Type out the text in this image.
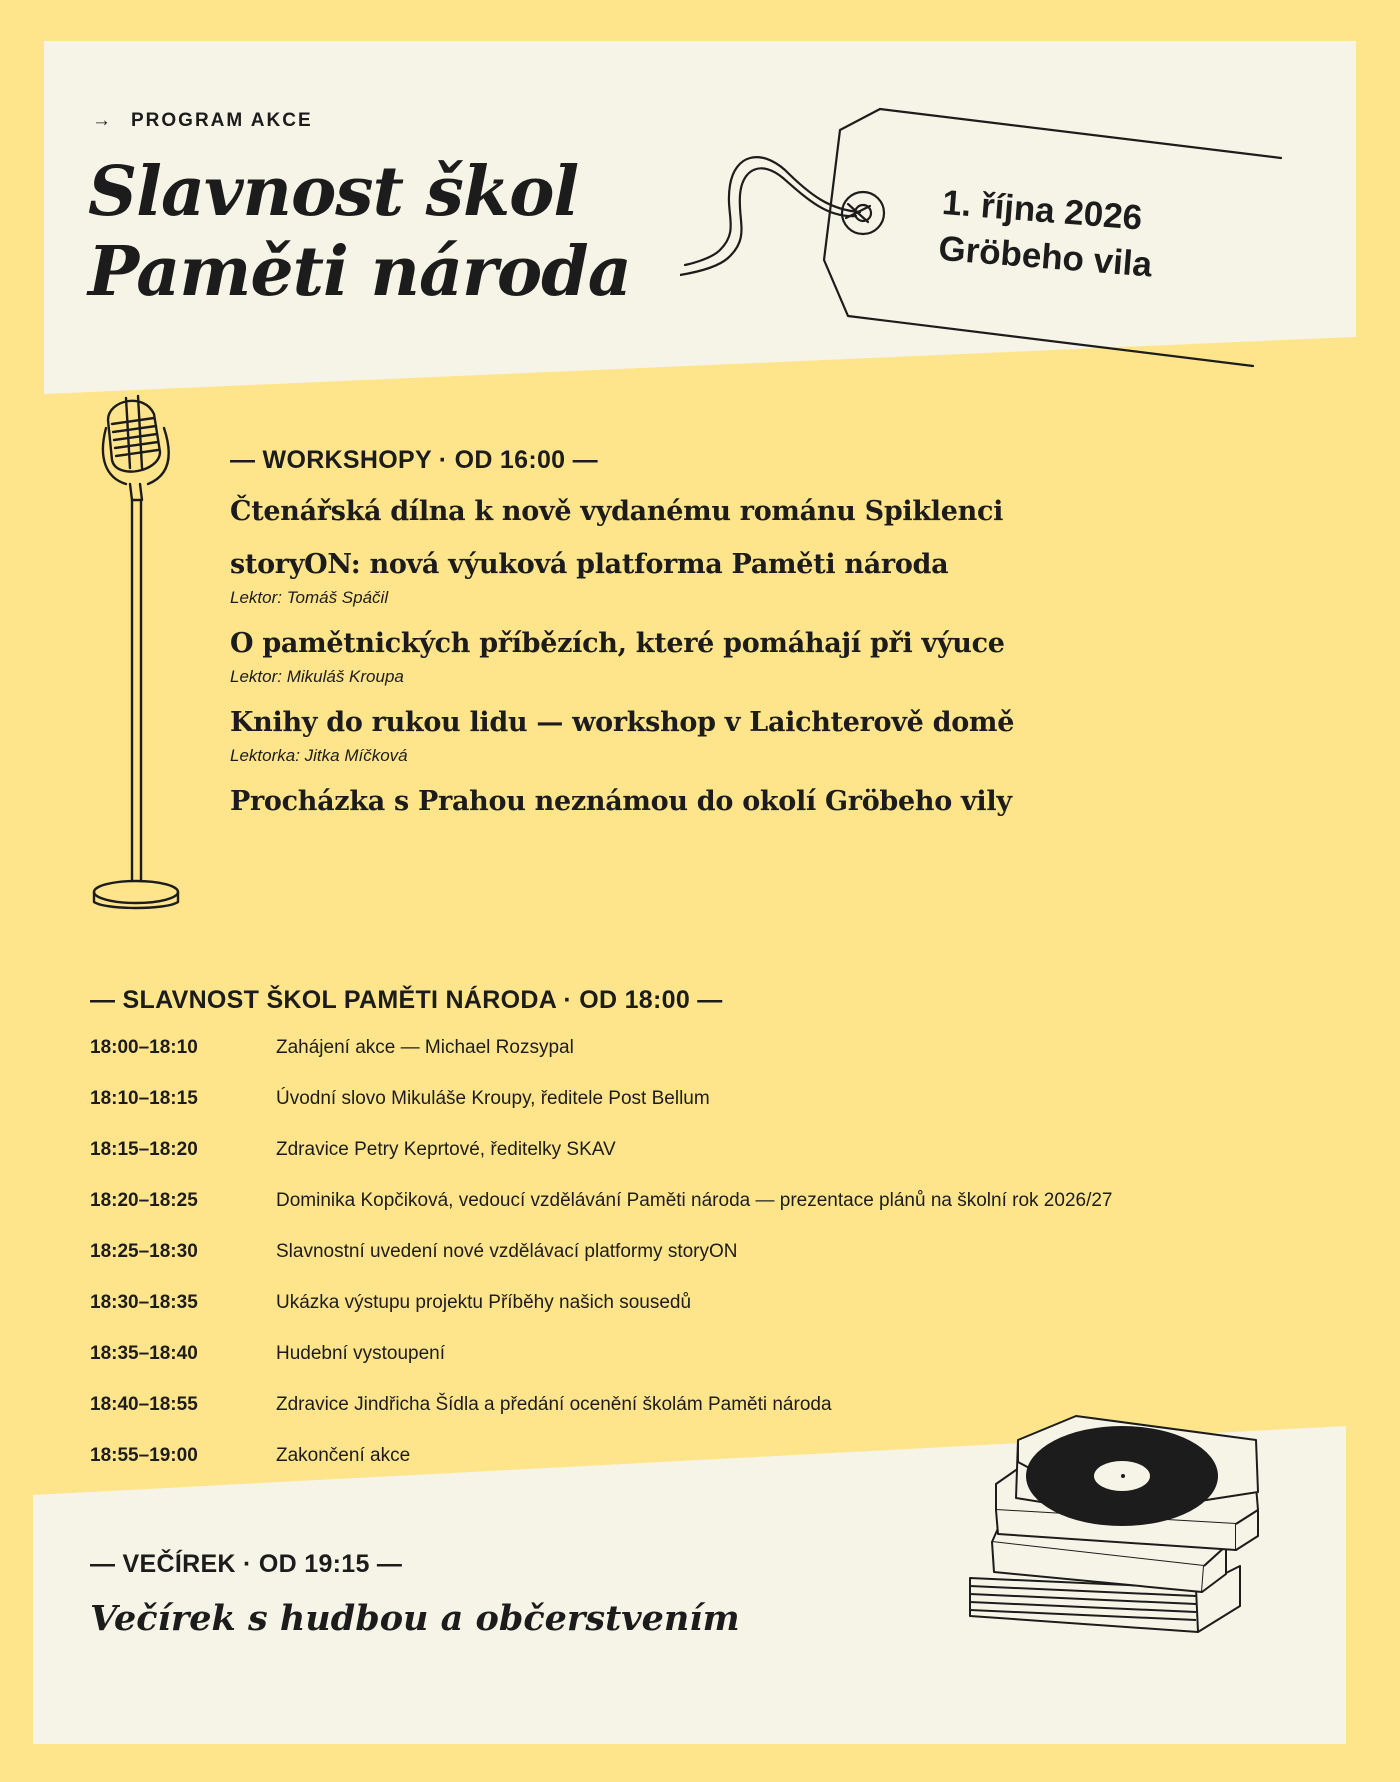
→ PROGRAM AKCE
Slavnost škol
Paměti národa
1. října 2026
Gröbeho vila
— WORKSHOPY · OD 16:00 —
Čtenářská dílna k nově vydanému románu Spiklenci
storyON: nová výuková platforma Paměti národa
Lektor: Tomáš Spáčil
O pamětnických příbězích, které pomáhají při výuce
Lektor: Mikuláš Kroupa
Knihy do rukou lidu — workshop v Laichterově domě
Lektorka: Jitka Míčková
Procházka s Prahou neznámou do okolí Gröbeho vily
— SLAVNOST ŠKOL PAMĚTI NÁRODA · OD 18:00 —
18:00–18:10	Zahájení akce — Michael Rozsypal
18:10–18:15	Úvodní slovo Mikuláše Kroupy, ředitele Post Bellum
18:15–18:20	Zdravice Petry Keprtové, ředitelky SKAV
18:20–18:25	Dominika Kopčiková, vedoucí vzdělávání Paměti národa — prezentace plánů na školní rok 2026/27
18:25–18:30	Slavnostní uvedení nové vzdělávací platformy storyON
18:30–18:35	Ukázka výstupu projektu Příběhy našich sousedů
18:35–18:40	Hudební vystoupení
18:40–18:55	Zdravice Jindřicha Šídla a předání ocenění školám Paměti národa
18:55–19:00	Zakončení akce
— VEČÍREK · OD 19:15 —
Večírek s hudbou a občerstvením
